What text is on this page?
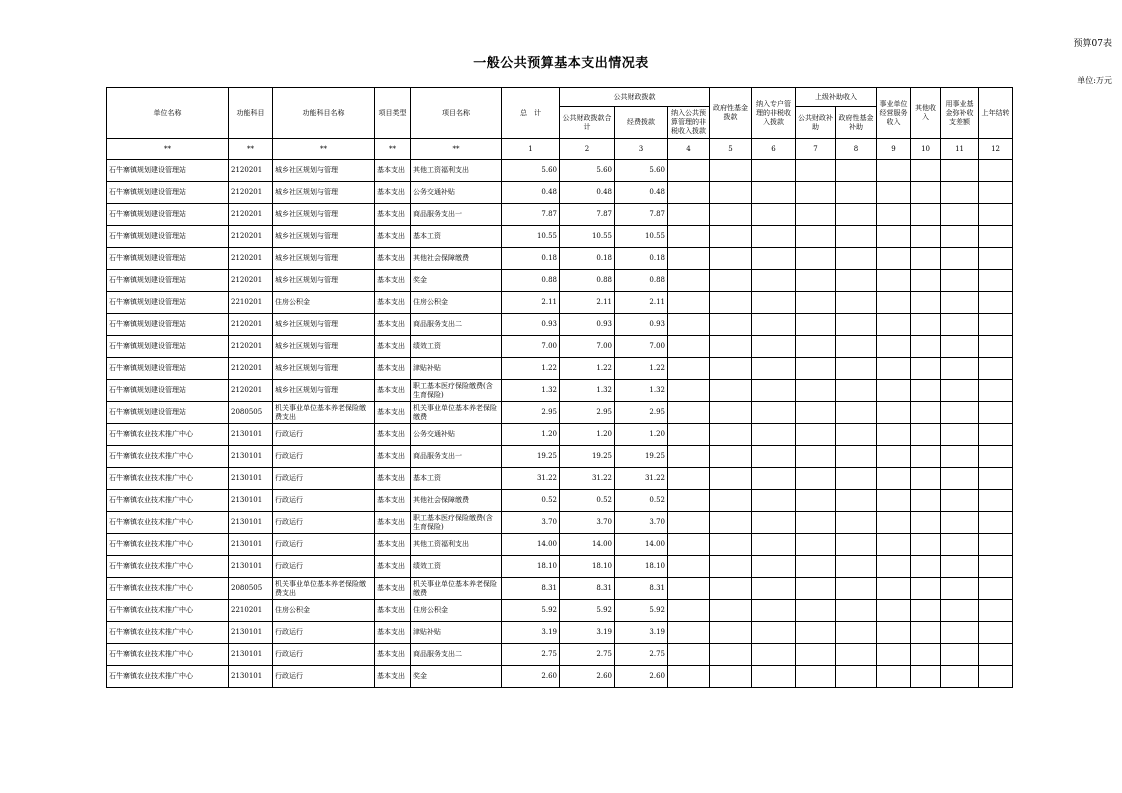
预算07表
一般公共预算基本支出情况表
单位:万元
单位名称	功能科目	功能科目名称	项目类型	项目名称	总　计	公共财政拨款			政府性基金拨款	纳入专户管理的非税收入拨款	上级补助收入		事业单位经营服务收入	其他收入	用事业基金弥补收支差额	上年结转
						公共财政拨款合计	经费拨款	纳入公共预算管理的非税收入拨款								
											公共财政补助	政府性基金补助				
**	**	**	**	**	1	2	3	4	5	6	7	8	9	10	11	12
石牛寨镇规划建设管理站	2120201	城乡社区规划与管理	基本支出	其他工资福利支出	5.60	5.60	5.60									
石牛寨镇规划建设管理站	2120201	城乡社区规划与管理	基本支出	公务交通补贴	0.48	0.48	0.48									
石牛寨镇规划建设管理站	2120201	城乡社区规划与管理	基本支出	商品服务支出一	7.87	7.87	7.87									
石牛寨镇规划建设管理站	2120201	城乡社区规划与管理	基本支出	基本工资	10.55	10.55	10.55									
石牛寨镇规划建设管理站	2120201	城乡社区规划与管理	基本支出	其他社会保障缴费	0.18	0.18	0.18									
石牛寨镇规划建设管理站	2120201	城乡社区规划与管理	基本支出	奖金	0.88	0.88	0.88									
石牛寨镇规划建设管理站	2210201	住房公积金	基本支出	住房公积金	2.11	2.11	2.11									
石牛寨镇规划建设管理站	2120201	城乡社区规划与管理	基本支出	商品服务支出二	0.93	0.93	0.93									
石牛寨镇规划建设管理站	2120201	城乡社区规划与管理	基本支出	绩效工资	7.00	7.00	7.00									
石牛寨镇规划建设管理站	2120201	城乡社区规划与管理	基本支出	津贴补贴	1.22	1.22	1.22									
石牛寨镇规划建设管理站	2120201	城乡社区规划与管理	基本支出	职工基本医疗保险缴费(含生育保险)	1.32	1.32	1.32									
石牛寨镇规划建设管理站	2080505	机关事业单位基本养老保险缴费支出	基本支出	机关事业单位基本养老保险缴费	2.95	2.95	2.95									
石牛寨镇农业技术推广中心	2130101	行政运行	基本支出	公务交通补贴	1.20	1.20	1.20									
石牛寨镇农业技术推广中心	2130101	行政运行	基本支出	商品服务支出一	19.25	19.25	19.25									
石牛寨镇农业技术推广中心	2130101	行政运行	基本支出	基本工资	31.22	31.22	31.22									
石牛寨镇农业技术推广中心	2130101	行政运行	基本支出	其他社会保障缴费	0.52	0.52	0.52									
石牛寨镇农业技术推广中心	2130101	行政运行	基本支出	职工基本医疗保险缴费(含生育保险)	3.70	3.70	3.70									
石牛寨镇农业技术推广中心	2130101	行政运行	基本支出	其他工资福利支出	14.00	14.00	14.00									
石牛寨镇农业技术推广中心	2130101	行政运行	基本支出	绩效工资	18.10	18.10	18.10									
石牛寨镇农业技术推广中心	2080505	机关事业单位基本养老保险缴费支出	基本支出	机关事业单位基本养老保险缴费	8.31	8.31	8.31									
石牛寨镇农业技术推广中心	2210201	住房公积金	基本支出	住房公积金	5.92	5.92	5.92									
石牛寨镇农业技术推广中心	2130101	行政运行	基本支出	津贴补贴	3.19	3.19	3.19									
石牛寨镇农业技术推广中心	2130101	行政运行	基本支出	商品服务支出二	2.75	2.75	2.75									
石牛寨镇农业技术推广中心	2130101	行政运行	基本支出	奖金	2.60	2.60	2.60									
